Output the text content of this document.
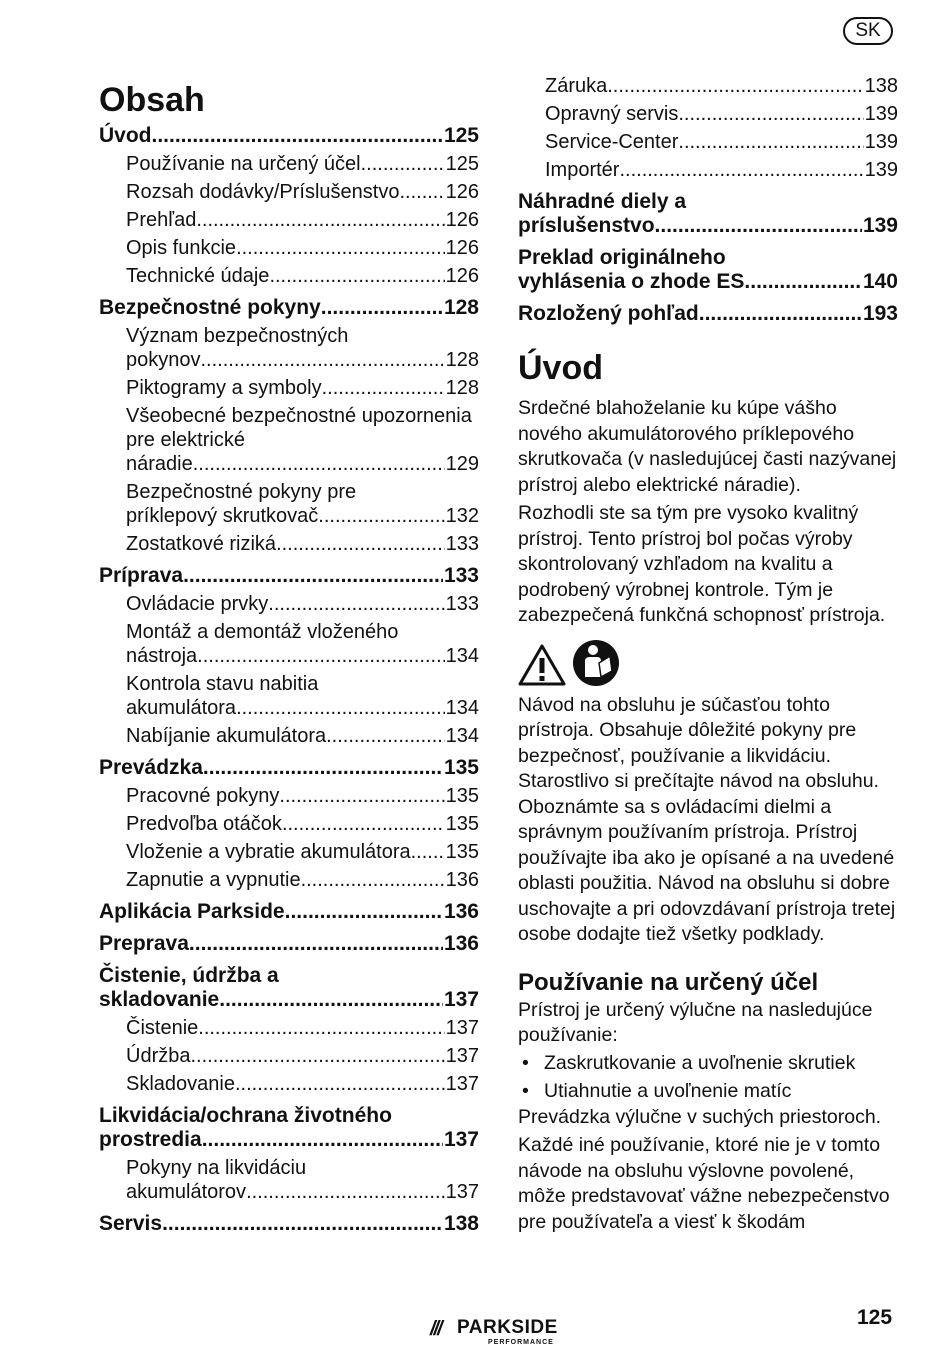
SK
Obsah
Úvod .....	125
Používanie na určený účel .....	125
Rozsah dodávky/Príslušenstvo ..... 126
Prehľad .....	126
Opis funkcie .....	126
Technické údaje .....	126
Bezpečnostné pokyny .....	128
Význam bezpečnostných
pokynov .....	128
Piktogramy a symboly .....	128
Všeobecné bezpečnostné upozornenia pre elektrické
náradie .....	129
Bezpečnostné pokyny pre
príklepový skrutkovač .....	132
Zostatkové riziká .....	133
Príprava .....	133
Ovládacie prvky .....	133
Montáž a demontáž vloženého
nástroja .....	134
Kontrola stavu nabitia
akumulátora .....	134
Nabíjanie akumulátora .....	134
Prevádzka .....	135
Pracovné pokyny .....	135
Predvoľba otáčok .....	135
Vloženie a vybratie akumulátora ..... 135
Zapnutie a vypnutie .....	136
Aplikácia Parkside .....	136
Preprava .....	136
Čistenie, údržba a
skladovanie .....	137
Čistenie .....	137
Údržba .....	137
Skladovanie .....	137
Likvidácia/ochrana životného
prostredia .....	137
Pokyny na likvidáciu
akumulátorov .....	137
Servis .....	138
Záruka .....	138
Opravný servis .....	139
Service-Center .....	139
Importér .....	139
Náhradné diely a
príslušenstvo .....	139
Preklad originálneho
vyhlásenia o zhode ES .....	140
Rozložený pohľad .....	193
Úvod

Srdečné blahoželanie ku kúpe vášho nového akumulátorového príklepového skrutkovača (v nasledujúcej časti nazývanej prístroj alebo elektrické náradie).

Rozhodli ste sa tým pre vysoko kvalitný prístroj. Tento prístroj bol počas výroby skontrolovaný vzhľadom na kvalitu a podrobený výrobnej kontrole. Tým je zabezpečená funkčná schopnosť prístroja.

Návod na obsluhu je súčasťou tohto prístroja. Obsahuje dôležité pokyny pre bezpečnosť, používanie a likvidáciu. Starostlivo si prečítajte návod na obsluhu. Oboznámte sa s ovládacími dielmi a správnym používaním prístroja. Prístroj používajte iba ako je opísané a na uvedené oblasti použitia. Návod na obsluhu si dobre uschovajte a pri odovzdávaní prístroja tretej osobe dodajte tiež všetky podklady.

Používanie na určený účel

Prístroj je určený výlučne na nasledujúce používanie:

• Zaskrutkovanie a uvoľnenie skrutiek
• Utiahnutie a uvoľnenie matíc

Prevádzka výlučne v suchých priestoroch.

Každé iné používanie, ktoré nie je v tomto návode na obsluhu výslovne povolené, môže predstavovať vážne nebezpečenstvo pre používateľa a viesť k škodám

/// PARKSIDE
PERFORMANCE
125
